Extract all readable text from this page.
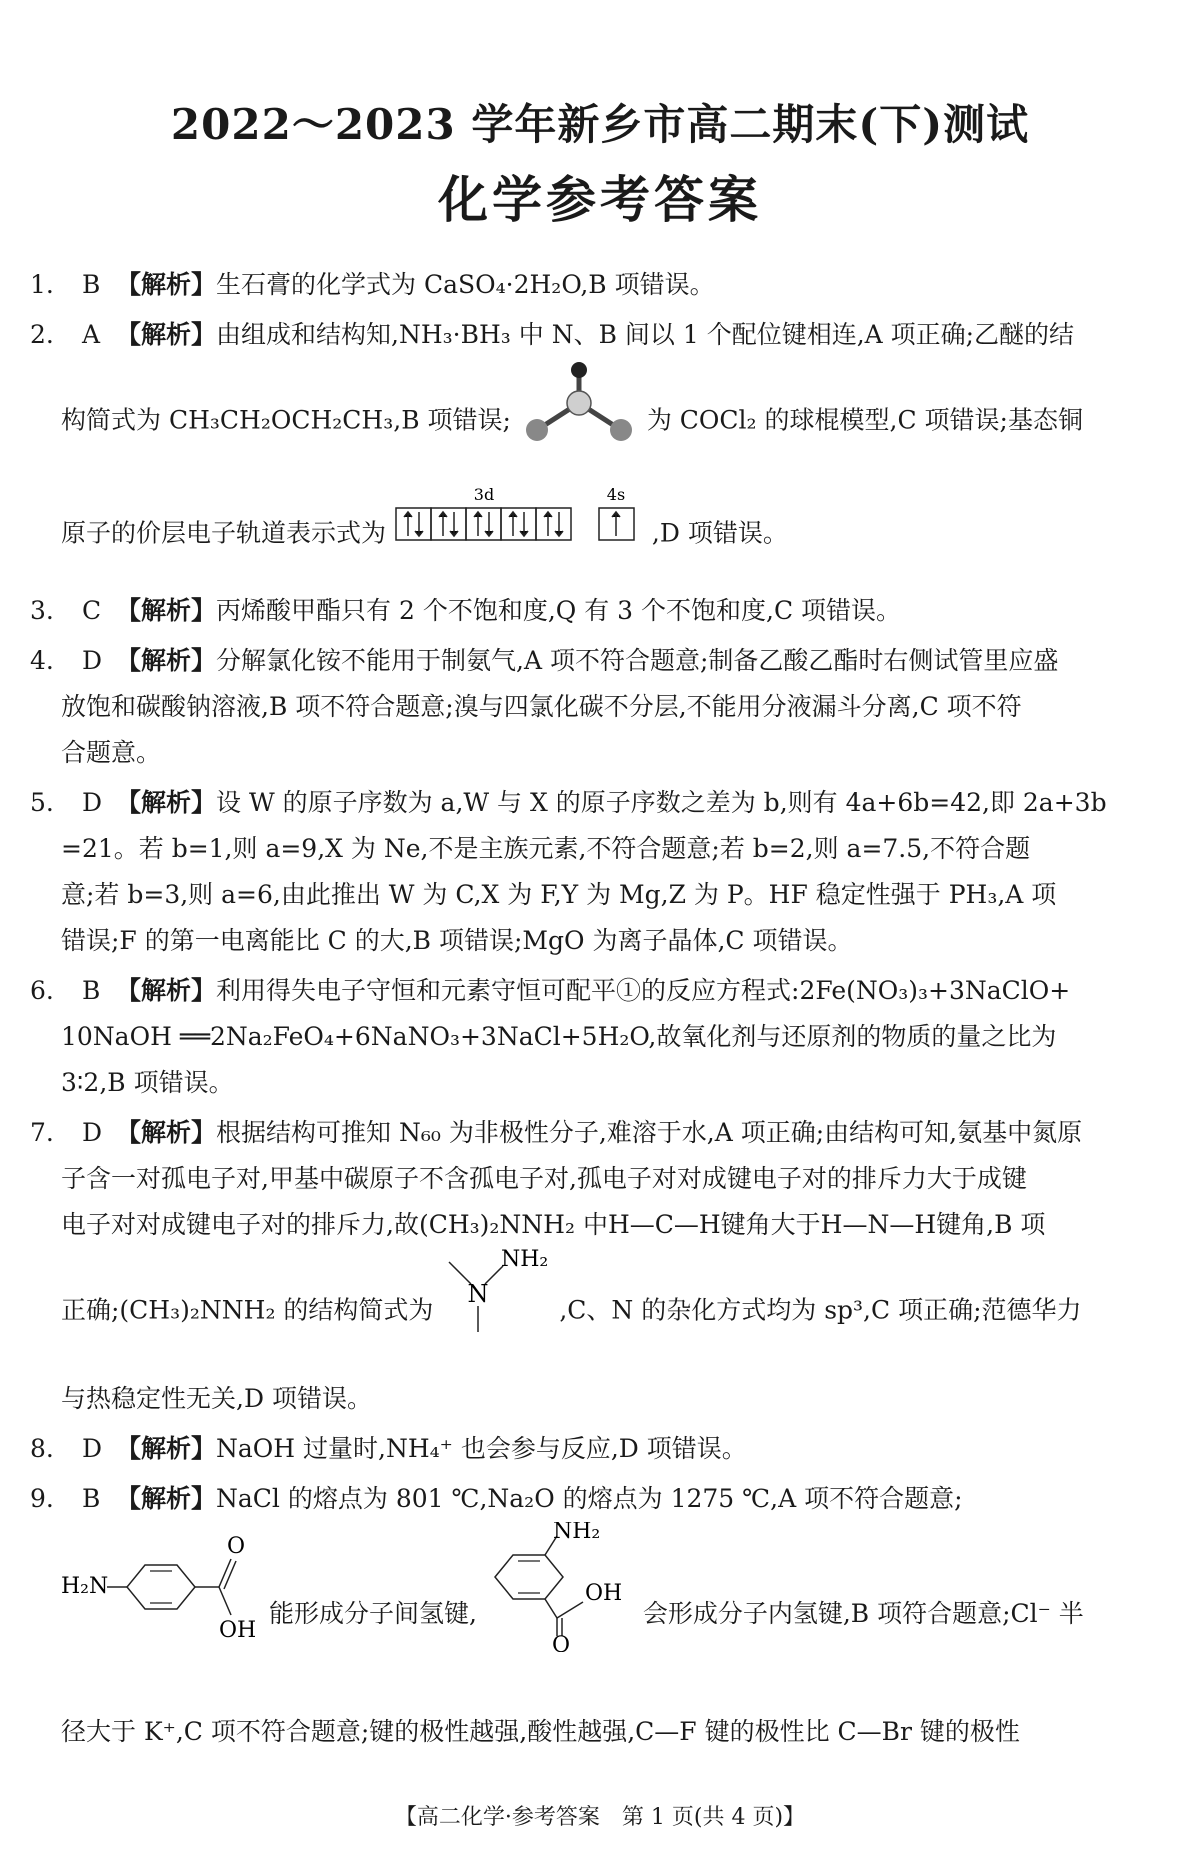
2022～2023 学年新乡市高二期末(下)测试
化学参考答案
1. B 【解析】生石膏的化学式为 CaSO₄·2H₂O,B 项错误。
2. A 【解析】由组成和结构知,NH₃·BH₃ 中 N、B 间以 1 个配位键相连,A 项正确;乙醚的结
构简式为 CH₃CH₂OCH₂CH₃,B 项错误;	为 COCl₂ 的球棍模型,C 项错误;基态铜
原子的价层电子轨道表示式为
3d	4s
,D 项错误。
3. C 【解析】丙烯酸甲酯只有 2 个不饱和度,Q 有 3 个不饱和度,C 项错误。
4. D 【解析】分解氯化铵不能用于制氨气,A 项不符合题意;制备乙酸乙酯时右侧试管里应盛
放饱和碳酸钠溶液,B 项不符合题意;溴与四氯化碳不分层,不能用分液漏斗分离,C 项不符
合题意。
5. D 【解析】设 W 的原子序数为 a,W 与 X 的原子序数之差为 b,则有 4a+6b=42,即 2a+3b
=21。若 b=1,则 a=9,X 为 Ne,不是主族元素,不符合题意;若 b=2,则 a=7.5,不符合题
意;若 b=3,则 a=6,由此推出 W 为 C,X 为 F,Y 为 Mg,Z 为 P。HF 稳定性强于 PH₃,A 项
错误;F 的第一电离能比 C 的大,B 项错误;MgO 为离子晶体,C 项错误。
6. B 【解析】利用得失电子守恒和元素守恒可配平①的反应方程式:2Fe(NO₃)₃+3NaClO+
10NaOH ══2Na₂FeO₄+6NaNO₃+3NaCl+5H₂O,故氧化剂与还原剂的物质的量之比为
3∶2,B 项错误。
7. D 【解析】根据结构可推知 N₆₀ 为非极性分子,难溶于水,A 项正确;由结构可知,氨基中氮原
子含一对孤电子对,甲基中碳原子不含孤电子对,孤电子对对成键电子对的排斥力大于成键
电子对对成键电子对的排斥力,故(CH₃)₂NNH₂ 中H—C—H键角大于H—N—H键角,B 项
正确;(CH₃)₂NNH₂ 的结构简式为
N
NH₂
,C、N 的杂化方式均为 sp³,C 项正确;范德华力
与热稳定性无关,D 项错误。
8. D 【解析】NaOH 过量时,NH₄⁺ 也会参与反应,D 项错误。
9. B 【解析】NaCl 的熔点为 801 ℃,Na₂O 的熔点为 1275 ℃,A 项不符合题意;
H₂N
O
OH
能形成分子间氢键,
NH₂
OH
O
会形成分子内氢键,B 项符合题意;Cl⁻ 半
径大于 K⁺,C 项不符合题意;键的极性越强,酸性越强,C—F 键的极性比 C—Br 键的极性
【高二化学·参考答案　第 1 页(共 4 页)】
